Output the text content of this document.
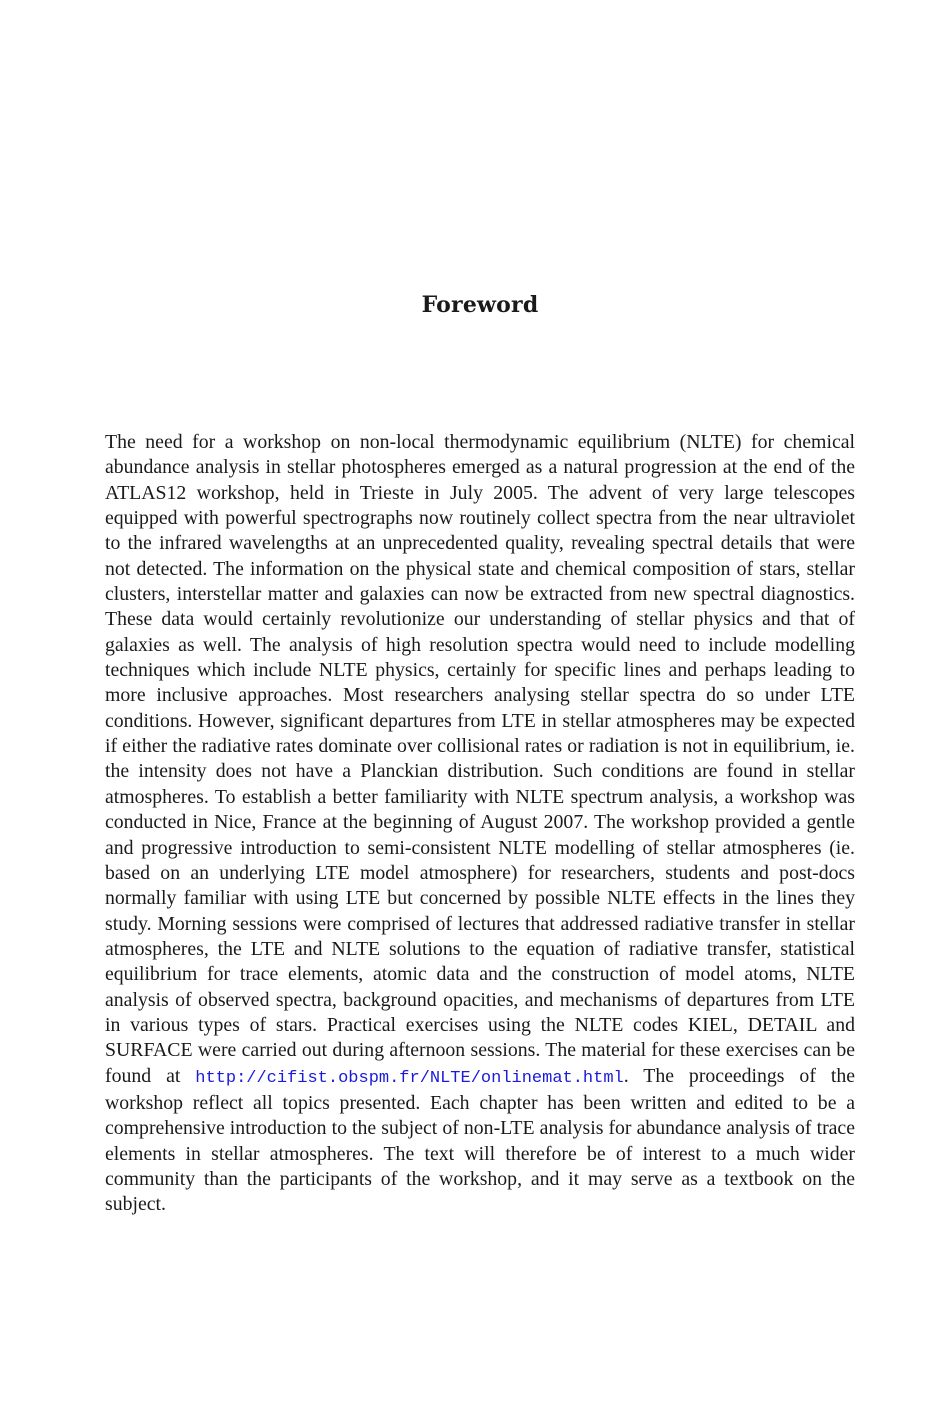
Foreword

The need for a workshop on non-local thermodynamic equilibrium (NLTE) for chemical abundance analysis in stellar photospheres emerged as a natural progression at the end of the ATLAS12 workshop, held in Trieste in July 2005. The advent of very large telescopes equipped with powerful spectrographs now routinely collect spectra from the near ultraviolet to the infrared wavelengths at an unprecedented quality, revealing spectral details that were not detected. The information on the physical state and chemical composition of stars, stellar clusters, interstellar matter and galaxies can now be extracted from new spectral diagnostics. These data would certainly revolutionize our understanding of stellar physics and that of galaxies as well. The analysis of high resolution spectra would need to include modelling techniques which include NLTE physics, certainly for specific lines and perhaps leading to more inclusive approaches. Most researchers analysing stellar spectra do so under LTE conditions. However, significant departures from LTE in stellar atmospheres may be expected if either the radiative rates dominate over collisional rates or radiation is not in equilibrium, ie. the intensity does not have a Planckian distribution. Such conditions are found in stellar atmospheres. To establish a better familiarity with NLTE spectrum analysis, a workshop was conducted in Nice, France at the beginning of August 2007. The workshop provided a gentle and progressive introduction to semi-consistent NLTE modelling of stellar atmospheres (ie. based on an underlying LTE model atmosphere) for researchers, students and post-docs normally familiar with using LTE but concerned by possible NLTE effects in the lines they study. Morning sessions were comprised of lectures that addressed radiative transfer in stellar atmospheres, the LTE and NLTE solutions to the equation of radiative transfer, statistical equilibrium for trace elements, atomic data and the construction of model atoms, NLTE analysis of observed spectra, background opacities, and mechanisms of departures from LTE in various types of stars. Practical exercises using the NLTE codes KIEL, DETAIL and SURFACE were carried out during afternoon sessions. The material for these exercises can be found at http://cifist.obspm.fr/NLTE/onlinemat.html. The proceedings of the workshop reflect all topics presented. Each chapter has been written and edited to be a comprehensive introduction to the subject of non-LTE analysis for abundance analysis of trace elements in stellar atmospheres. The text will therefore be of interest to a much wider community than the participants of the workshop, and it may serve as a textbook on the subject.
